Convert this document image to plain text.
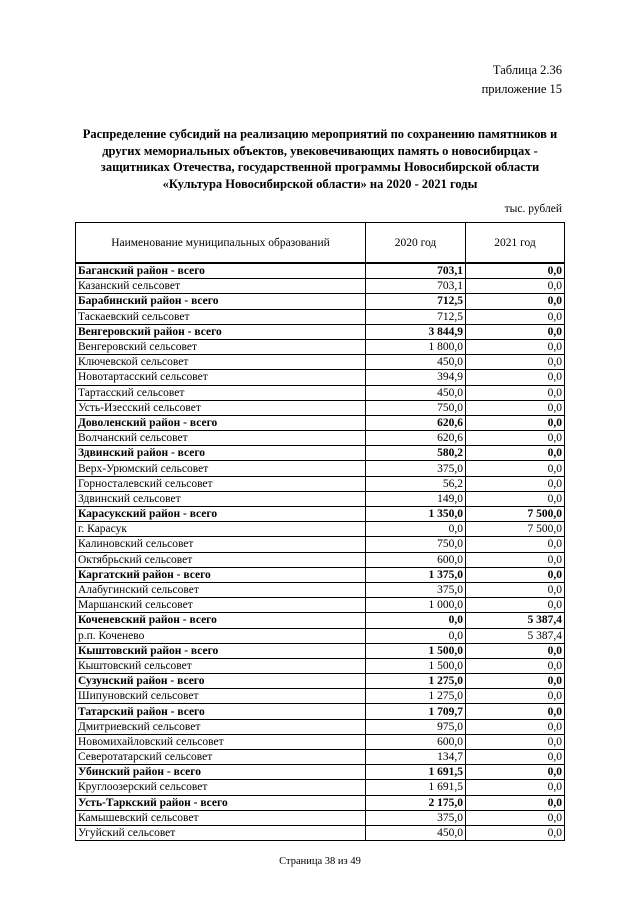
Таблица 2.36
приложение 15
Распределение субсидий на реализацию мероприятий по сохранению памятников и
других мемориальных объектов, увековечивающих память о новосибирцах -
защитниках Отечества, государственной программы Новосибирской области
«Культура Новосибирской области» на 2020 - 2021 годы
тыс. рублей
Наименование муниципальных образований	2020 год	2021 год
Баганский район - всего	703,1	0,0
Казанский сельсовет	703,1	0,0
Барабинский район - всего	712,5	0,0
Таскаевский сельсовет	712,5	0,0
Венгеровский район - всего	3 844,9	0,0
Венгеровский сельсовет	1 800,0	0,0
Ключевской сельсовет	450,0	0,0
Новотартасский сельсовет	394,9	0,0
Тартасский сельсовет	450,0	0,0
Усть-Изесский сельсовет	750,0	0,0
Доволенский район - всего	620,6	0,0
Волчанский сельсовет	620,6	0,0
Здвинский район - всего	580,2	0,0
Верх-Урюмский сельсовет	375,0	0,0
Горносталевский сельсовет	56,2	0,0
Здвинский сельсовет	149,0	0,0
Карасукский район - всего	1 350,0	7 500,0
г. Карасук	0,0	7 500,0
Калиновский сельсовет	750,0	0,0
Октябрьский сельсовет	600,0	0,0
Каргатский район - всего	1 375,0	0,0
Алабугинский сельсовет	375,0	0,0
Маршанский сельсовет	1 000,0	0,0
Коченевский район - всего	0,0	5 387,4
р.п. Коченево	0,0	5 387,4
Кыштовский район - всего	1 500,0	0,0
Кыштовский сельсовет	1 500,0	0,0
Сузунский район - всего	1 275,0	0,0
Шипуновский сельсовет	1 275,0	0,0
Татарский район - всего	1 709,7	0,0
Дмитриевский сельсовет	975,0	0,0
Новомихайловский сельсовет	600,0	0,0
Северотатарский сельсовет	134,7	0,0
Убинский район - всего	1 691,5	0,0
Круглоозерский сельсовет	1 691,5	0,0
Усть-Таркский район - всего	2 175,0	0,0
Камышевский сельсовет	375,0	0,0
Угуйский сельсовет	450,0	0,0
Страница 38 из 49
